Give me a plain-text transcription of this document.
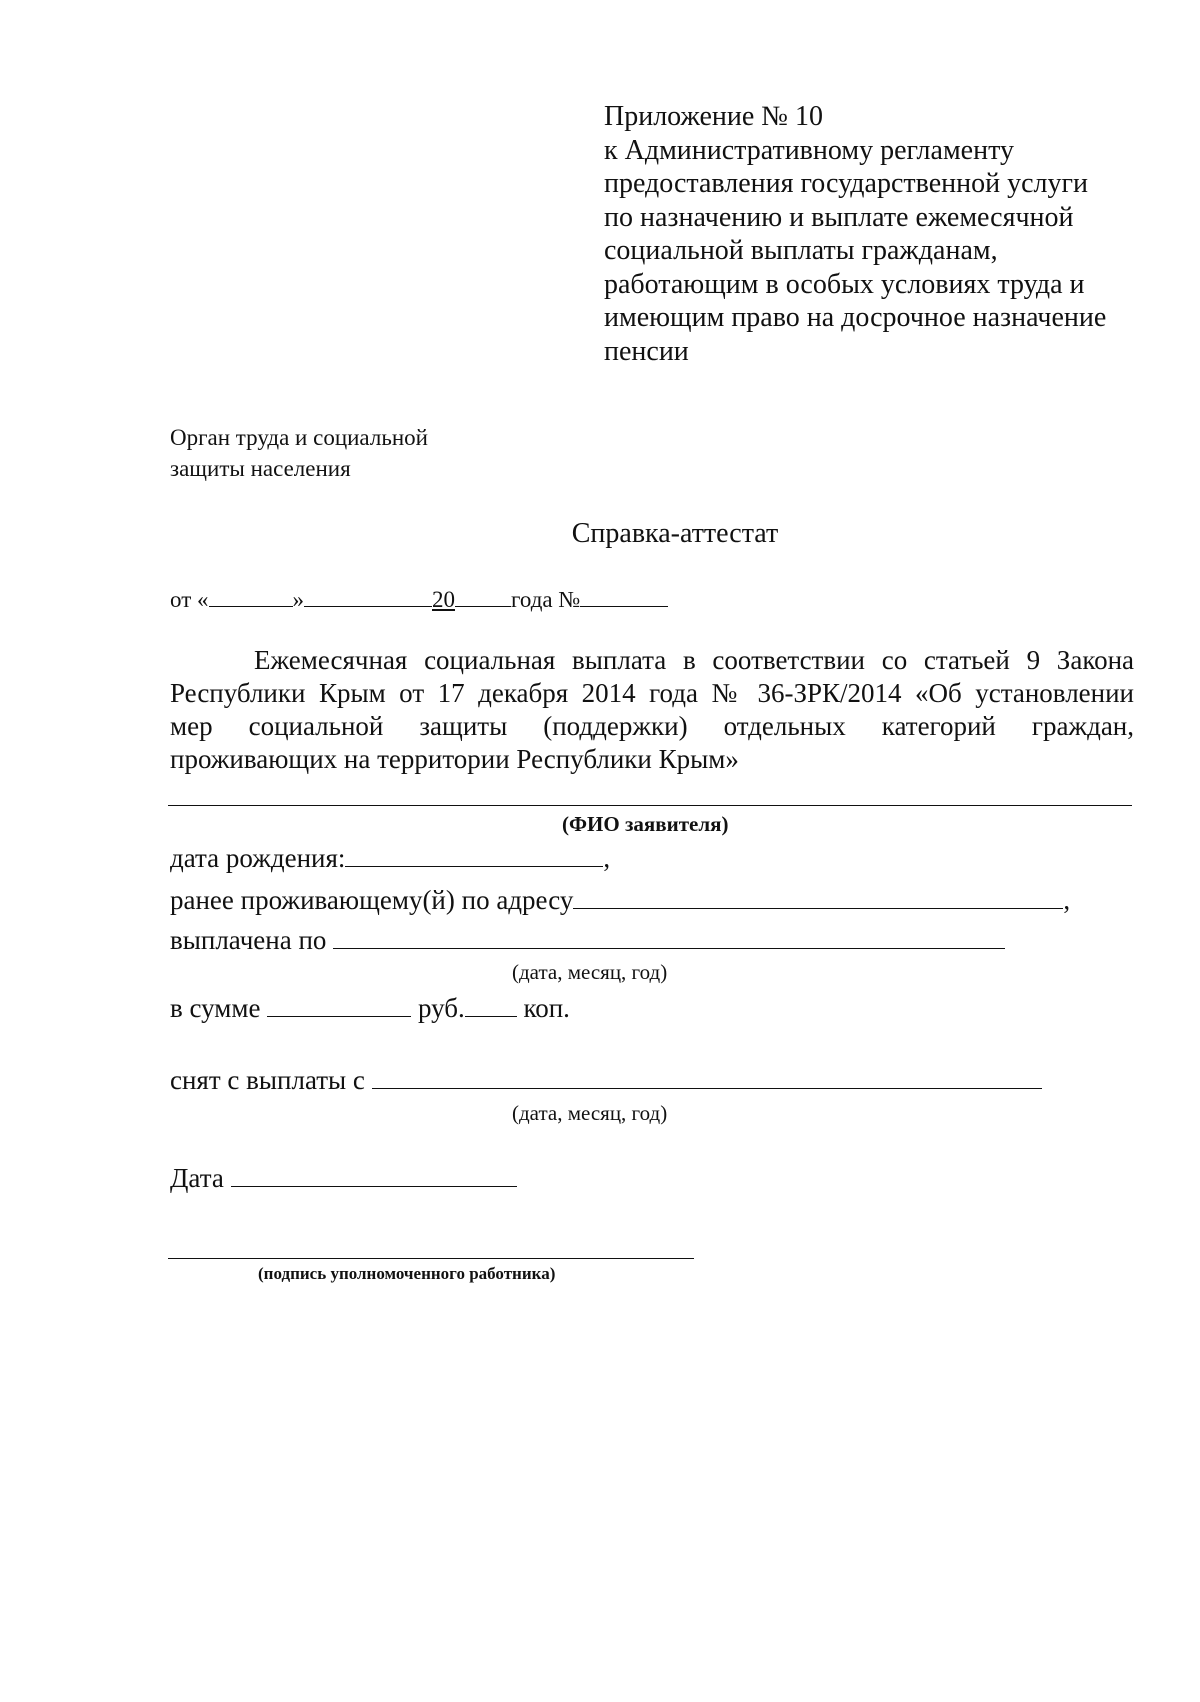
Приложение № 10
к Административному регламенту
предоставления государственной услуги
по назначению и выплате ежемесячной
социальной выплаты гражданам,
работающим в особых условиях труда и
имеющим право на досрочное назначение
пенсии
Орган труда и социальной
защиты населения
Справка-аттестат
от «	»	20 года №
Ежемесячная социальная выплата в соответствии со статьей 9 Закона
Республики Крым от 17 декабря 2014 года № 36-ЗРК/2014 «Об установлении
мер социальной защиты (поддержки) отдельных категорий граждан,
проживающих на территории Республики Крым»
(ФИО заявителя)
дата рождения:	,
ранее проживающему(й) по адресу	,
выплачена по
(дата, месяц, год)
в сумме	руб. коп.
снят с выплаты с
(дата, месяц, год)
Дата
(подпись уполномоченного работника)
